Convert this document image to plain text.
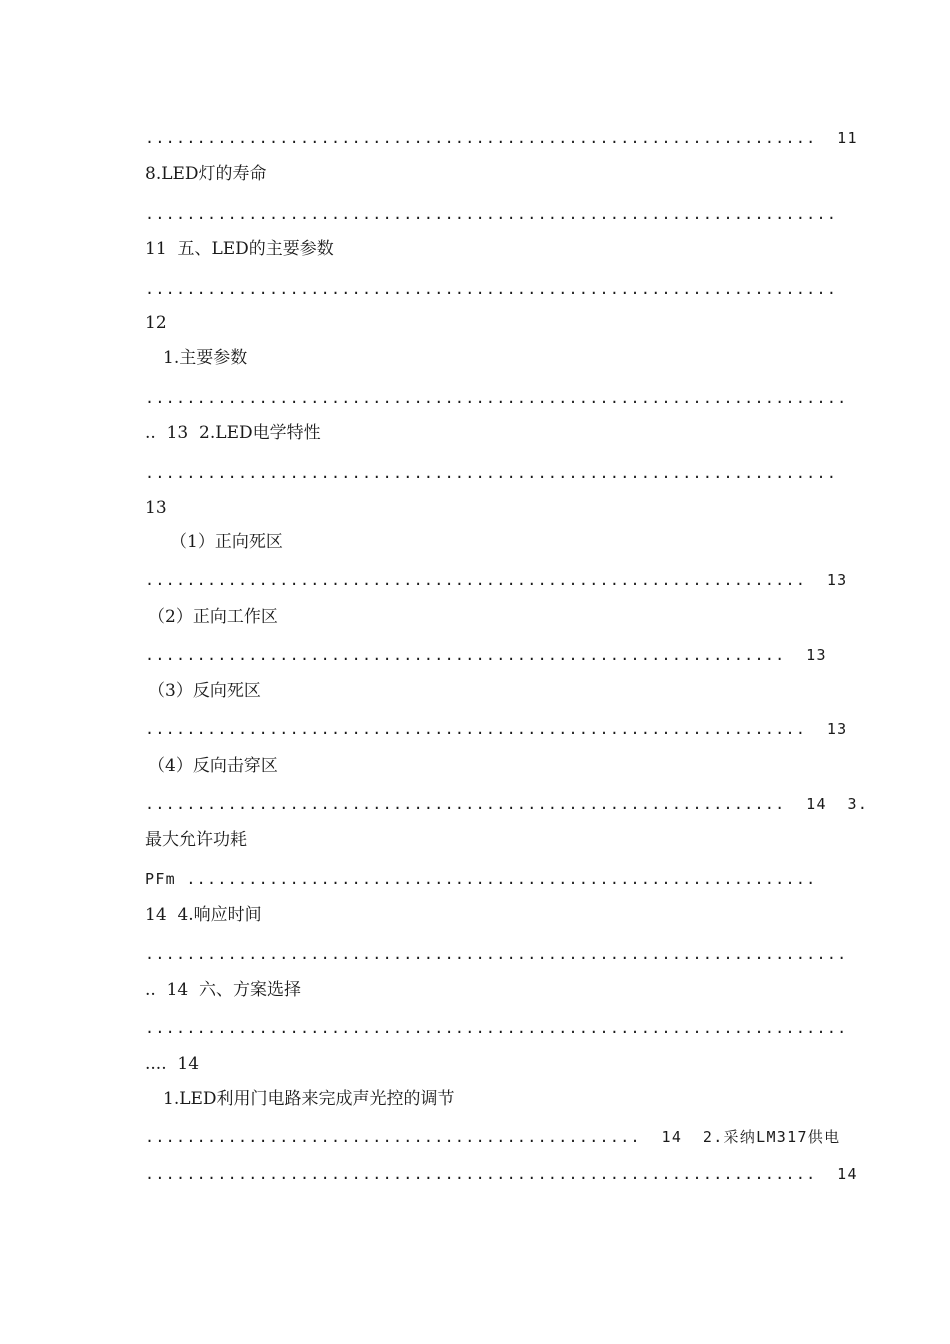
.................................................................  11
8.LED灯的寿命
...................................................................
11  五、LED的主要参数
...................................................................
12
1.主要参数
....................................................................
..  13  2.LED电学特性
...................................................................
13
（1）正向死区
................................................................  13
（2）正向工作区
..............................................................  13
（3）反向死区
................................................................  13
（4）反向击穿区
..............................................................  14  3.
最大允许功耗
PFm .............................................................
14  4.响应时间
....................................................................
..  14  六、方案选择
....................................................................
....  14
1.LED利用门电路来完成声光控的调节
................................................  14  2.采纳LM317供电
.................................................................  14
